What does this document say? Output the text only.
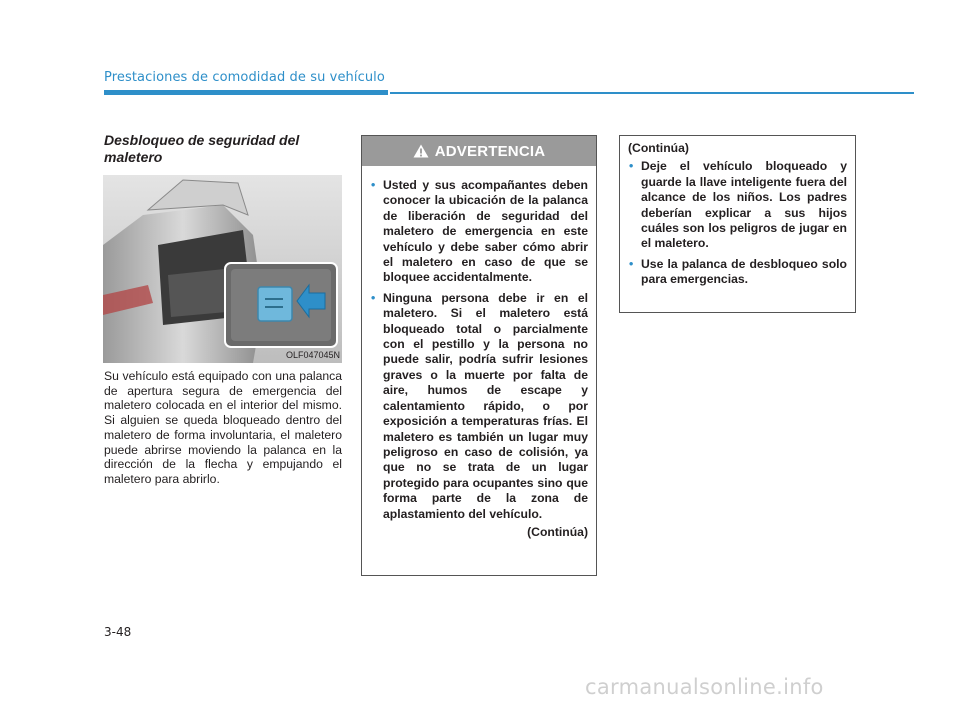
Prestaciones de comodidad de su vehículo
Desbloqueo de seguridad del maletero
OLF047045N
Su vehículo está equipado con una palanca de apertura segura de emergencia del maletero colocada en el interior del mismo. Si alguien se queda bloqueado dentro del maletero de forma involuntaria, el maletero puede abrirse moviendo la palanca en la dirección de la flecha y empujando el maletero para abrirlo.
ADVERTENCIA
• Usted y sus acompañantes deben conocer la ubicación de la palanca de liberación de seguridad del maletero de emergencia en este vehículo y debe saber cómo abrir el maletero en caso de que se bloquee accidentalmente.
• Ninguna persona debe ir en el maletero. Si el maletero está bloqueado total o parcialmente con el pestillo y la persona no puede salir, podría sufrir lesiones graves o la muerte por falta de aire, humos de escape y calentamiento rápido, o por exposición a temperaturas frías. El maletero es también un lugar muy peligroso en caso de colisión, ya que no se trata de un lugar protegido para ocupantes sino que forma parte de la zona de aplastamiento del vehículo.
(Continúa)
(Continúa)
• Deje el vehículo bloqueado y guarde la llave inteligente fuera del alcance de los niños. Los padres deberían explicar a sus hijos cuáles son los peligros de jugar en el maletero.
• Use la palanca de desbloqueo solo para emergencias.
3-48
carmanualsonline.info
